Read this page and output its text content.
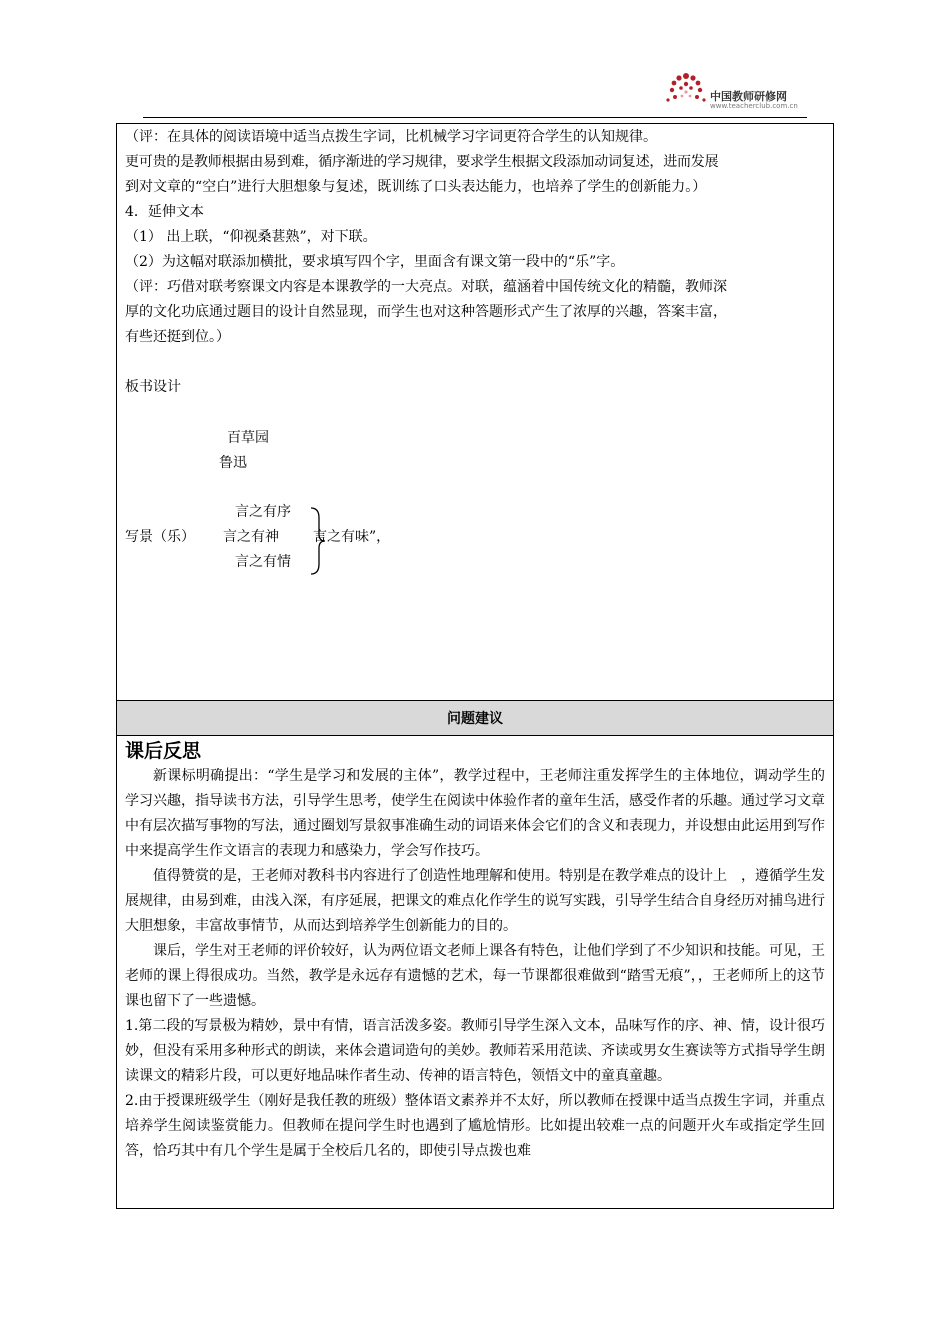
中国教师研修网
www.teacherclub.com.cn
（评：在具体的阅读语境中适当点拨生字词，比机械学习字词更符合学生的认知规律。
更可贵的是教师根据由易到难，循序渐进的学习规律，要求学生根据文段添加动词复述，进而发展
到对文章的“空白”进行大胆想象与复述，既训练了口头表达能力，也培养了学生的创新能力。）
4．延伸文本
（1） 出上联，“仰视桑葚熟”，对下联。
（2）为这幅对联添加横批，要求填写四个字，里面含有课文第一段中的“乐”字。
（评：巧借对联考察课文内容是本课教学的一大亮点。对联，蕴涵着中国传统文化的精髓，教师深
厚的文化功底通过题目的设计自然显现，而学生也对这种答题形式产生了浓厚的兴趣，答案丰富，
有些还挺到位。）
板书设计
百草园
鲁迅
言之有序
写景（乐） 言之有神
言之有情
言之有味”，
问题建议

课后反思

新课标明确提出：“学生是学习和发展的主体”，教学过程中，王老师注重发挥学生的主体地位，调动学生的学习兴趣，指导读书方法，引导学生思考，使学生在阅读中体验作者的童年生活，感受作者的乐趣。通过学习文章中有层次描写事物的写法，通过圈划写景叙事准确生动的词语来体会它们的含义和表现力，并设想由此运用到写作中来提高学生作文语言的表现力和感染力，学会写作技巧。

值得赞赏的是，王老师对教科书内容进行了创造性地理解和使用。特别是在教学难点的设计上　，遵循学生发展规律，由易到难，由浅入深，有序延展，把课文的难点化作学生的说写实践，引导学生结合自身经历对捕鸟进行大胆想象，丰富故事情节，从而达到培养学生创新能力的目的。

课后，学生对王老师的评价较好，认为两位语文老师上课各有特色，让他们学到了不少知识和技能。可见，王老师的课上得很成功。当然，教学是永远存有遗憾的艺术，每一节课都很难做到“踏雪无痕”，，王老师所上的这节课也留下了一些遗憾。

1.第二段的写景极为精妙，景中有情，语言活泼多姿。教师引导学生深入文本，品味写作的序、神、情，设计很巧妙，但没有采用多种形式的朗读，来体会遣词造句的美妙。教师若采用范读、齐读或男女生赛读等方式指导学生朗读课文的精彩片段，可以更好地品味作者生动、传神的语言特色，领悟文中的童真童趣。

2.由于授课班级学生（刚好是我任教的班级）整体语文素养并不太好，所以教师在授课中适当点拨生字词，并重点培养学生阅读鉴赏能力。但教师在提问学生时也遇到了尴尬情形。比如提出较难一点的问题开火车或指定学生回答，恰巧其中有几个学生是属于全校后几名的，即使引导点拨也难
